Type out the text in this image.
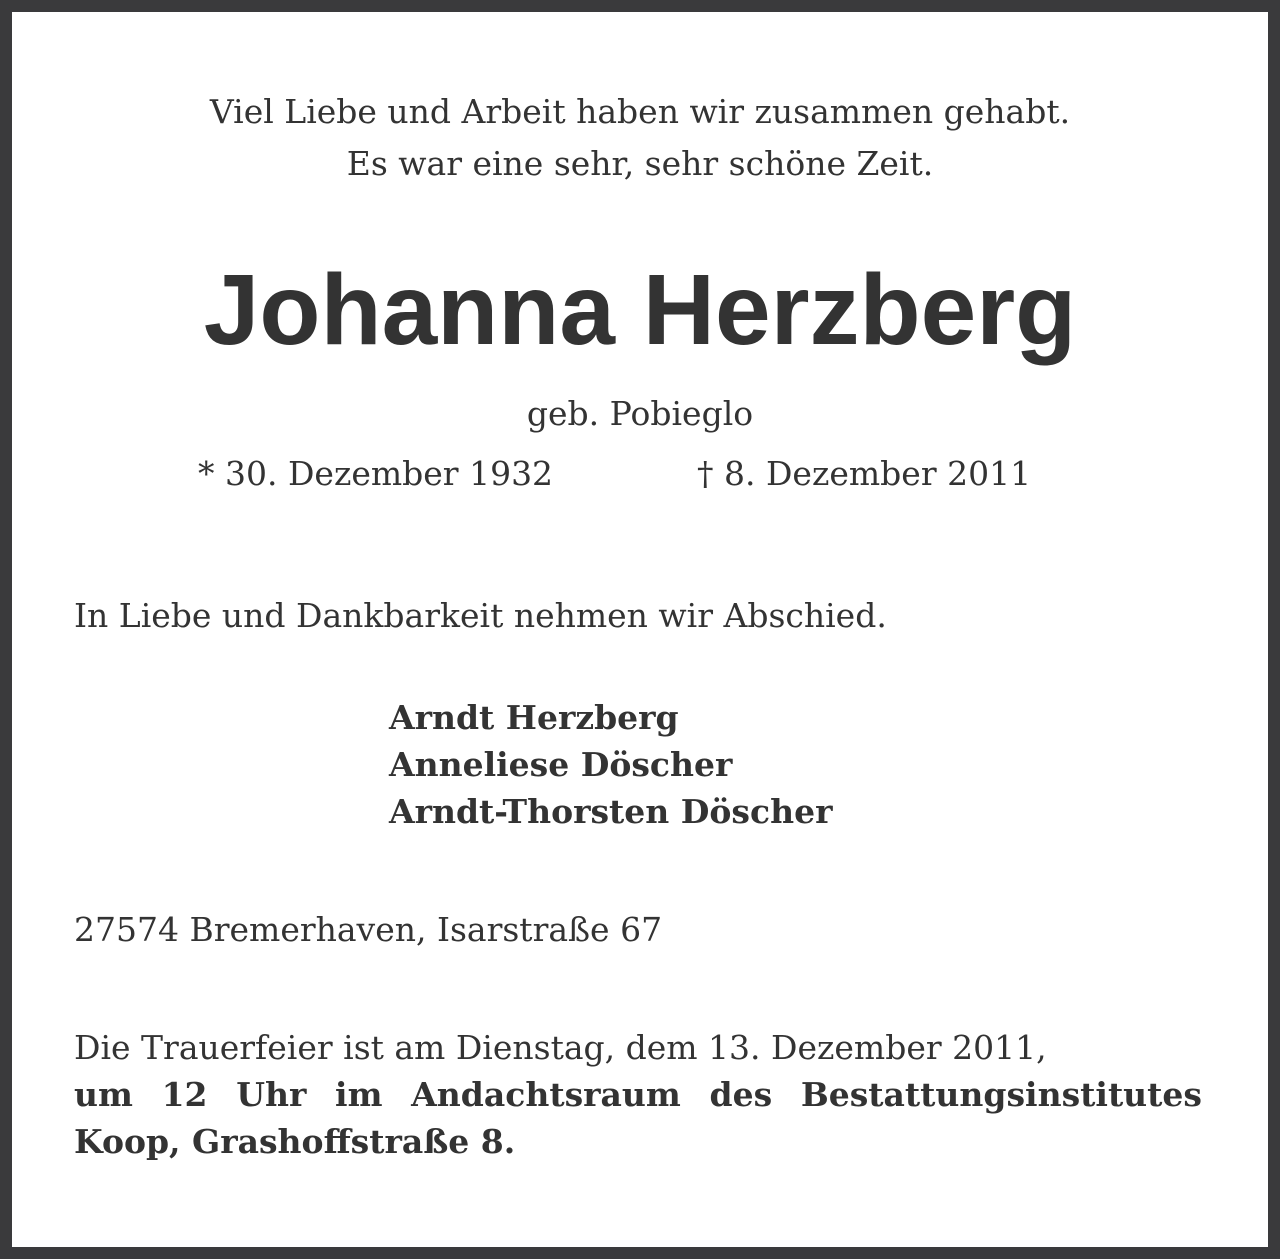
Viel Liebe und Arbeit haben wir zusammen gehabt.
Es war eine sehr, sehr schöne Zeit.
Johanna Herzberg
geb. Pobieglo
* 30. Dezember 1932	† 8. Dezember 2011
In Liebe und Dankbarkeit nehmen wir Abschied.
Arndt Herzberg
Anneliese Döscher
Arndt-Thorsten Döscher
27574 Bremerhaven, Isarstraße 67
Die Trauerfeier ist am Dienstag, dem 13. Dezember 2011,
um 12 Uhr im Andachtsraum des Bestattungsinstitutes
Koop, Grashoffstraße 8.
